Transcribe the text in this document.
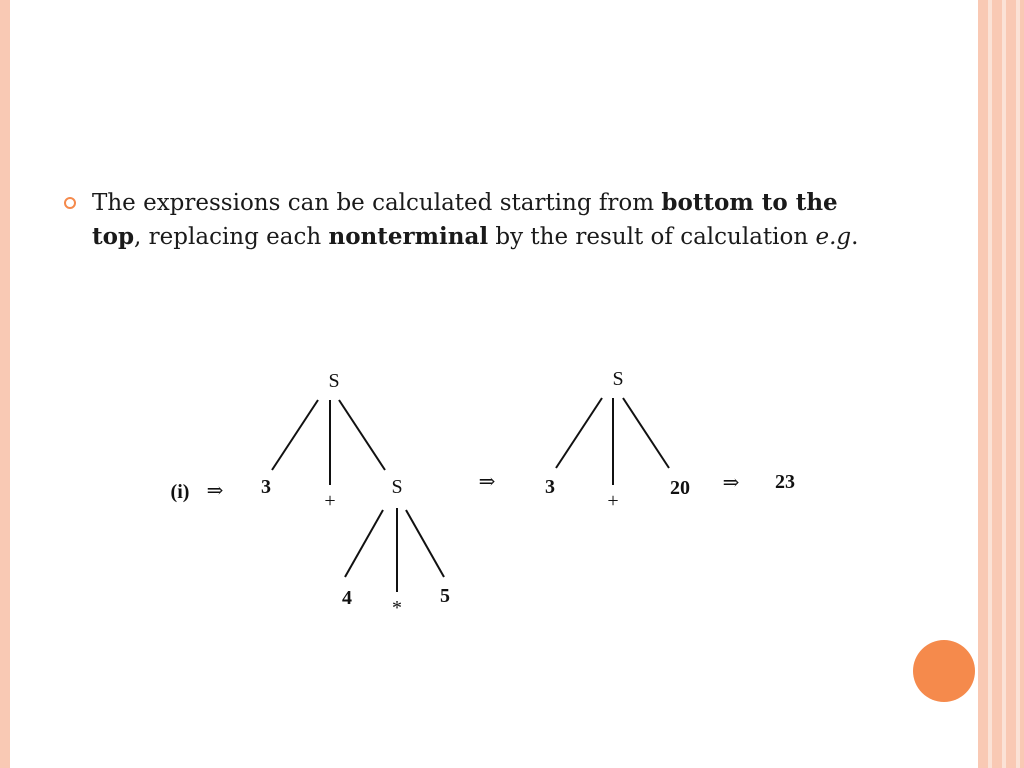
The expressions can be calculated starting from bottom to the top, replacing each nonterminal by the result of calculation e.g.

S
3
+
S
4 *
5
(i) ⇒	⇒	⇒
S
3
+
20	23
